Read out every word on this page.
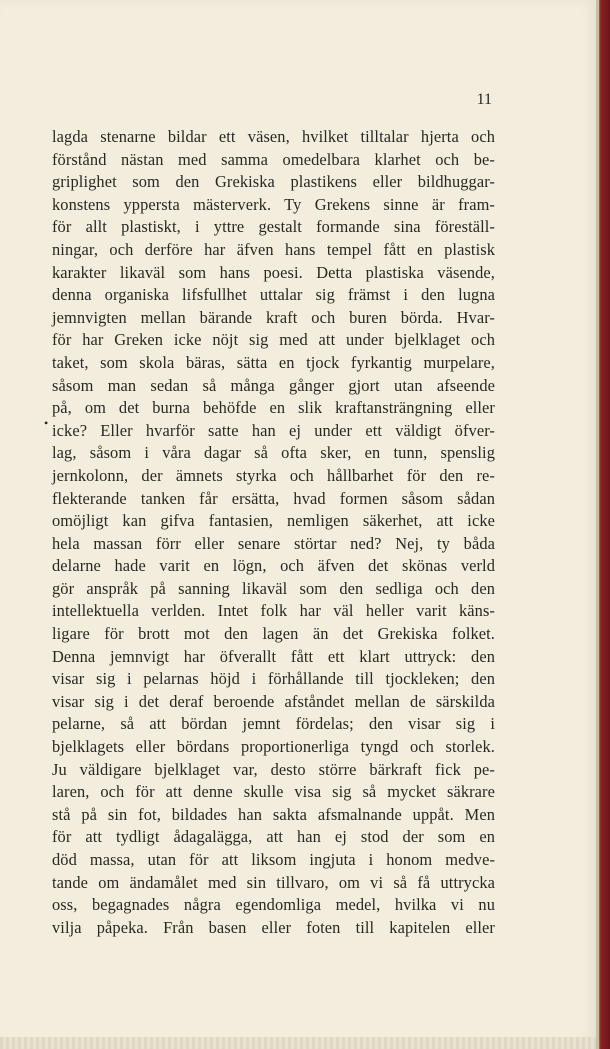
11
lagda stenarne bildar ett väsen, hvilket tilltalar hjerta och
förstånd nästan med samma omedelbara klarhet och be-
griplighet som den Grekiska plastikens eller bildhuggar-
konstens yppersta mästerverk. Ty Grekens sinne är fram-
för allt plastiskt, i yttre gestalt formande sina föreställ-
ningar, och derföre har äfven hans tempel fått en plastisk
karakter likaväl som hans poesi. Detta plastiska väsende,
denna organiska lifsfullhet uttalar sig främst i den lugna
jemnvigten mellan bärande kraft och buren börda. Hvar-
för har Greken icke nöjt sig med att under bjelklaget och
taket, som skola bäras, sätta en tjock fyrkantig murpelare,
såsom man sedan så många gånger gjort utan afseende
på, om det burna behöfde en slik kraftansträngning eller
icke? Eller hvarför satte han ej under ett väldigt öfver-
lag, såsom i våra dagar så ofta sker, en tunn, spenslig
jernkolonn, der ämnets styrka och hållbarhet för den re-
flekterande tanken får ersätta, hvad formen såsom sådan
omöjligt kan gifva fantasien, nemligen säkerhet, att icke
hela massan förr eller senare störtar ned? Nej, ty båda
delarne hade varit en lögn, och äfven det skönas verld
gör anspråk på sanning likaväl som den sedliga och den
intellektuella verlden. Intet folk har väl heller varit käns-
ligare för brott mot den lagen än det Grekiska folket.
Denna jemnvigt har öfverallt fått ett klart uttryck: den
visar sig i pelarnas höjd i förhållande till tjockleken; den
visar sig i det deraf beroende afståndet mellan de särskilda
pelarne, så att bördan jemnt fördelas; den visar sig i
bjelklagets eller bördans proportionerliga tyngd och storlek.
Ju väldigare bjelklaget var, desto större bärkraft fick pe-
laren, och för att denne skulle visa sig så mycket säkrare
stå på sin fot, bildades han sakta afsmalnande uppåt. Men
för att tydligt ådagalägga, att han ej stod der som en
död massa, utan för att liksom ingjuta i honom medve-
tande om ändamålet med sin tillvaro, om vi så få uttrycka
oss, begagnades några egendomliga medel, hvilka vi nu
vilja påpeka. Från basen eller foten till kapitelen eller
•
